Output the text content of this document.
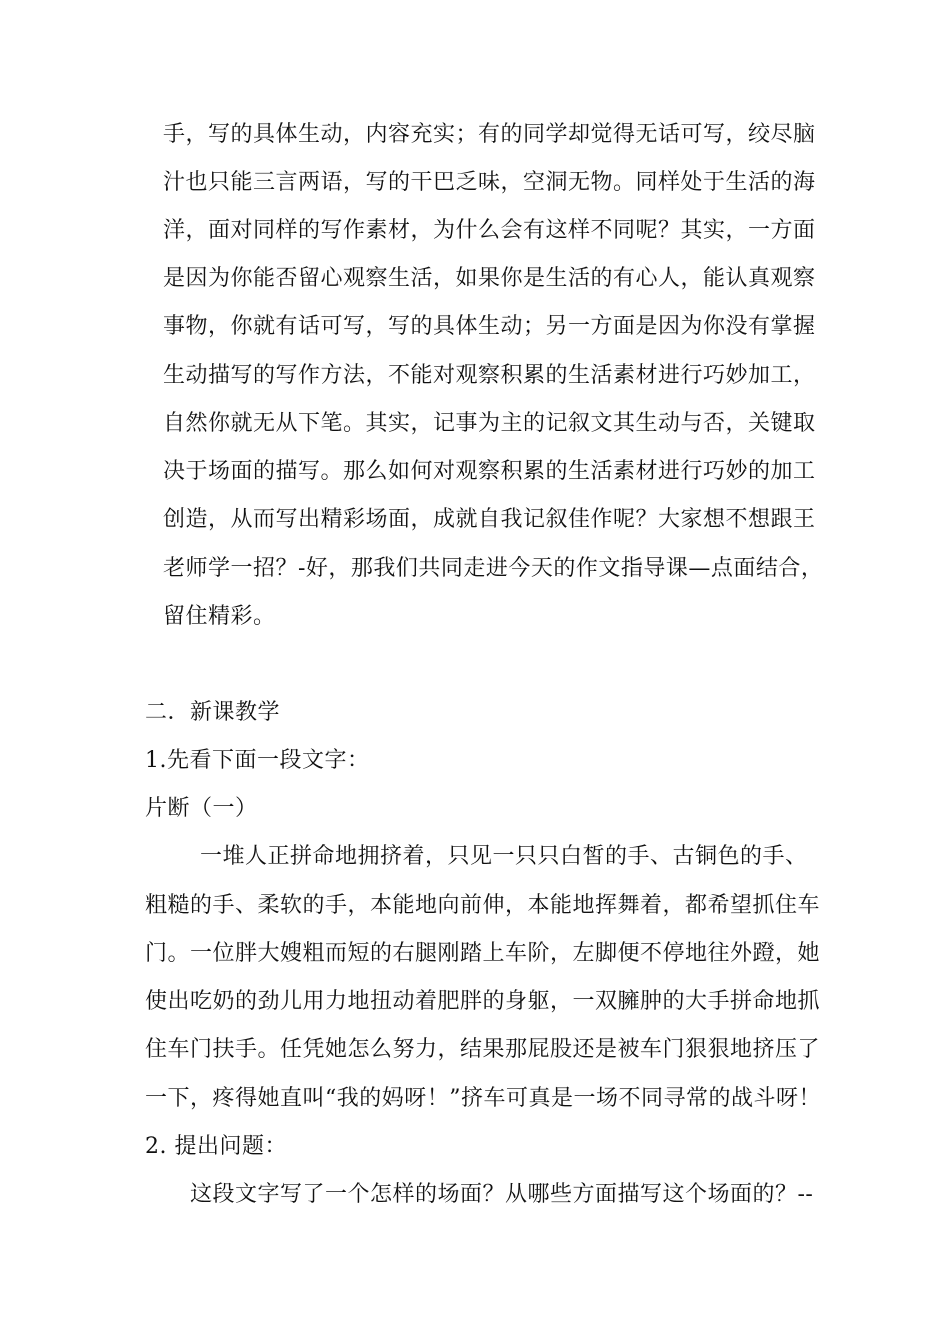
手，写的具体生动，内容充实；有的同学却觉得无话可写，绞尽脑
汁也只能三言两语，写的干巴乏味，空洞无物。同样处于生活的海
洋，面对同样的写作素材，为什么会有这样不同呢？其实，一方面
是因为你能否留心观察生活，如果你是生活的有心人，能认真观察
事物，你就有话可写，写的具体生动；另一方面是因为你没有掌握
生动描写的写作方法，不能对观察积累的生活素材进行巧妙加工，
自然你就无从下笔。其实，记事为主的记叙文其生动与否，关键取
决于场面的描写。那么如何对观察积累的生活素材进行巧妙的加工
创造，从而写出精彩场面，成就自我记叙佳作呢？大家想不想跟王
老师学一招？-好，那我们共同走进今天的作文指导课—点面结合，
留住精彩。
二．新课教学
1.先看下面一段文字：
片断（一）
一堆人正拼命地拥挤着，只见一只只白皙的手、古铜色的手、
粗糙的手、柔软的手，本能地向前伸，本能地挥舞着，都希望抓住车
门。一位胖大嫂粗而短的右腿刚踏上车阶，左脚便不停地往外蹬，她
使出吃奶的劲儿用力地扭动着肥胖的身躯，一双臃肿的大手拼命地抓
住车门扶手。任凭她怎么努力，结果那屁股还是被车门狠狠地挤压了
一下，疼得她直叫“我的妈呀！”挤车可真是一场不同寻常的战斗呀！
2. 提出问题：
这段文字写了一个怎样的场面？从哪些方面描写这个场面的？--
